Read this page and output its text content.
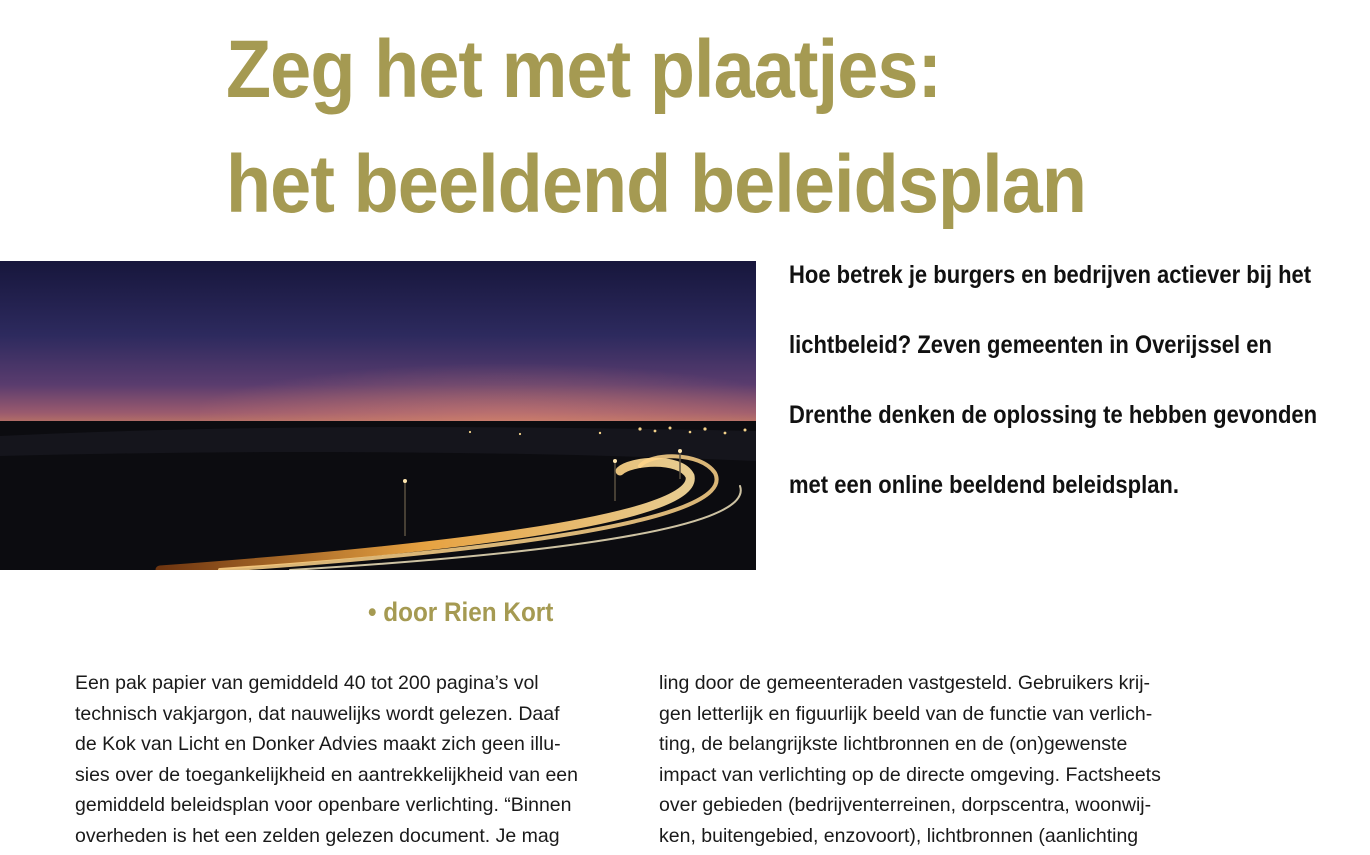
Zeg het met plaatjes:
het beeldend beleidsplan

Hoe betrek je burgers en bedrijven actiever bij het lichtbeleid? Zeven gemeenten in Overijssel en Drenthe denken de oplossing te hebben gevonden met een online beeldend beleidsplan.

• door Rien Kort

Een pak papier van gemiddeld 40 tot 200 pagina’s vol
technisch vakjargon, dat nauwelijks wordt gelezen. Daaf
de Kok van Licht en Donker Advies maakt zich geen illu-
sies over de toegankelijkheid en aantrekkelijkheid van een
gemiddeld beleidsplan voor openbare verlichting. “Binnen
overheden is het een zelden gelezen document. Je mag
ling door de gemeenteraden vastgesteld. Gebruikers krij-
gen letterlijk en figuurlijk beeld van de functie van verlich-
ting, de belangrijkste lichtbronnen en de (on)gewenste
impact van verlichting op de directe omgeving. Factsheets
over gebieden (bedrijventerreinen, dorpscentra, woonwij-
ken, buitengebied, enzovoort), lichtbronnen (aanlichting
